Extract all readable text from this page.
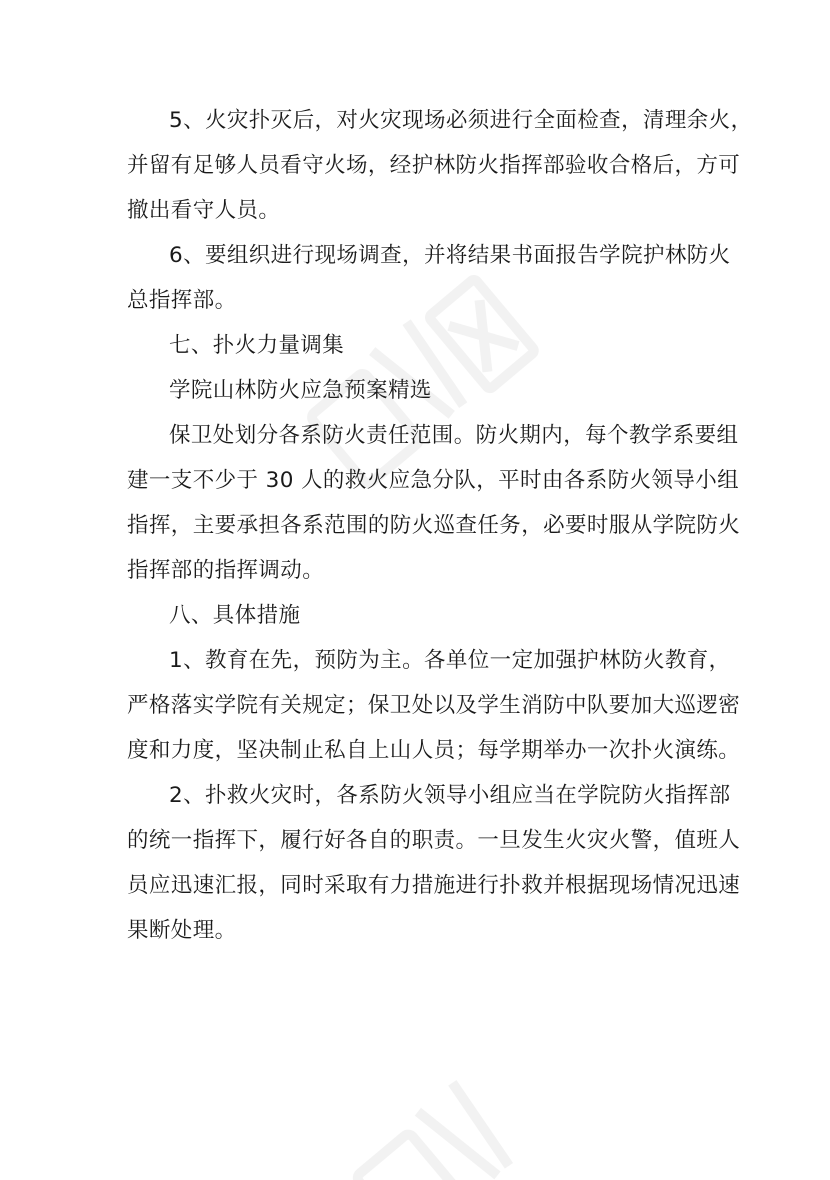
5、火灾扑灭后，对火灾现场必须进行全面检查，清理余火，
并留有足够人员看守火场，经护林防火指挥部验收合格后，方可
撤出看守人员。
6、要组织进行现场调查，并将结果书面报告学院护林防火
总指挥部。
七、扑火力量调集
学院山林防火应急预案精选
保卫处划分各系防火责任范围。防火期内，每个教学系要组
建一支不少于 30 人的救火应急分队，平时由各系防火领导小组
指挥，主要承担各系范围的防火巡查任务，必要时服从学院防火
指挥部的指挥调动。
八、具体措施
1、教育在先，预防为主。各单位一定加强护林防火教育，
严格落实学院有关规定；保卫处以及学生消防中队要加大巡逻密
度和力度，坚决制止私自上山人员；每学期举办一次扑火演练。
2、扑救火灾时，各系防火领导小组应当在学院防火指挥部
的统一指挥下，履行好各自的职责。一旦发生火灾火警，值班人
员应迅速汇报，同时采取有力措施进行扑救并根据现场情况迅速
果断处理。
